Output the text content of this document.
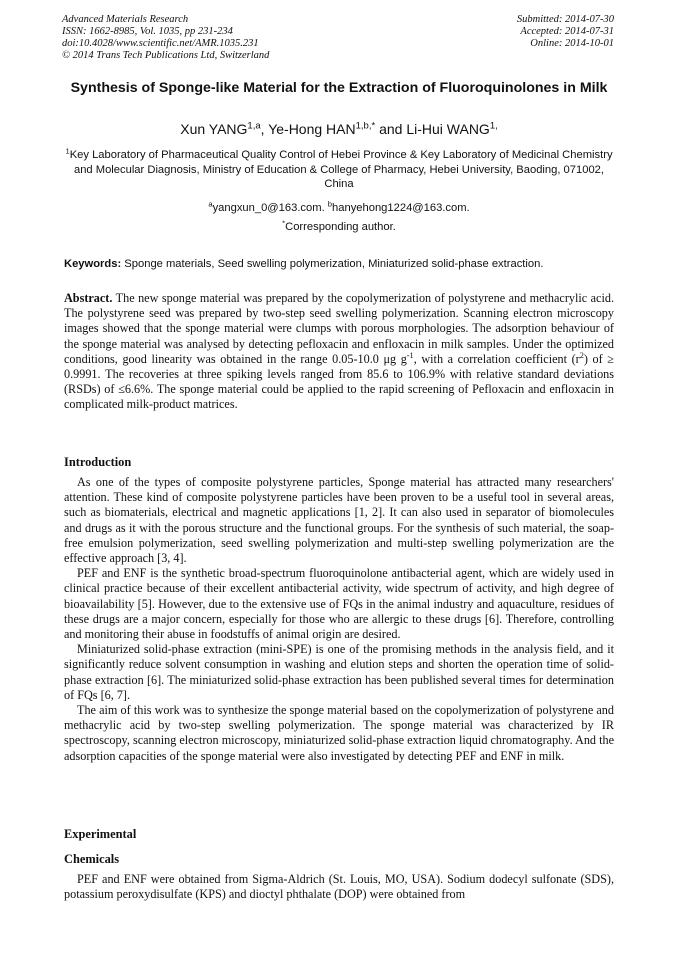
Advanced Materials Research
ISSN: 1662-8985, Vol. 1035, pp 231-234
doi:10.4028/www.scientific.net/AMR.1035.231
© 2014 Trans Tech Publications Ltd, Switzerland
Submitted: 2014-07-30
Accepted: 2014-07-31
Online: 2014-10-01
Synthesis of Sponge-like Material for the Extraction of Fluoroquinolones in Milk
Xun YANG$^{1,a}$, Ye-Hong $HAN^{1,b,*}$ and Li-Hui $WANG^{1,}$
$^1$Key Laboratory of Pharmaceutical Quality Control of Hebei Province & Key Laboratory of Medicinal Chemistry and Molecular Diagnosis, Ministry of Education & College of Pharmacy, Hebei University, Baoding, 071002, China
$^a$yangxun_0@163.com. $^b$hanyehong1224@163.com.
*Corresponding author.
Keywords: Sponge materials, Seed swelling polymerization, Miniaturized solid-phase extraction.
Abstract. The new sponge material was prepared by the copolymerization of polystyrene and methacrylic acid. The polystyrene seed was prepared by two-step seed swelling polymerization. Scanning electron microscopy images showed that the sponge material were clumps with porous morphologies. The adsorption behaviour of the sponge material was analysed by detecting pefloxacin and enfloxacin in milk samples. Under the optimized conditions, good linearity was obtained in the range 0.05-10.0 μg $g^{-1}$, with a correlation coefficient $(r^2)$ of ≥ 0.9991. The recoveries at three spiking levels ranged from 85.6 to 106.9% with relative standard deviations (RSDs) of ≤6.6%. The sponge material could be applied to the rapid screening of Pefloxacin and enfloxacin in complicated milk-product matrices.
Introduction

As one of the types of composite polystyrene particles, Sponge material has attracted many researchers' attention. These kind of composite polystyrene particles have been proven to be a useful tool in several areas, such as biomaterials, electrical and magnetic applications [1, 2]. It can also used in separator of biomolecules and drugs as it with the porous structure and the functional groups. For the synthesis of such material, the soap-free emulsion polymerization, seed swelling polymerization and multi-step swelling polymerization are the effective approach [3, 4].

PEF and ENF is the synthetic broad-spectrum fluoroquinolone antibacterial agent, which are widely used in clinical practice because of their excellent antibacterial activity, wide spectrum of activity, and high degree of bioavailability [5]. However, due to the extensive use of FQs in the animal industry and aquaculture, residues of these drugs are a major concern, especially for those who are allergic to these drugs [6]. Therefore, controlling and monitoring their abuse in foodstuffs of animal origin are desired.

Miniaturized solid-phase extraction (mini-SPE) is one of the promising methods in the analysis field, and it significantly reduce solvent consumption in washing and elution steps and shorten the operation time of solid-phase extraction [6]. The miniaturized solid-phase extraction has been published several times for determination of FQs [6, 7].

The aim of this work was to synthesize the sponge material based on the copolymerization of polystyrene and methacrylic acid by two-step swelling polymerization. The sponge material was characterized by IR spectroscopy, scanning electron microscopy, miniaturized solid-phase extraction liquid chromatography. And the adsorption capacities of the sponge material were also investigated by detecting PEF and ENF in milk.

Experimental
Chemicals

PEF and ENF were obtained from Sigma-Aldrich (St. Louis, MO, USA). Sodium dodecyl sulfonate (SDS), potassium peroxydisulfate (KPS) and dioctyl phthalate (DOP) were obtained from
